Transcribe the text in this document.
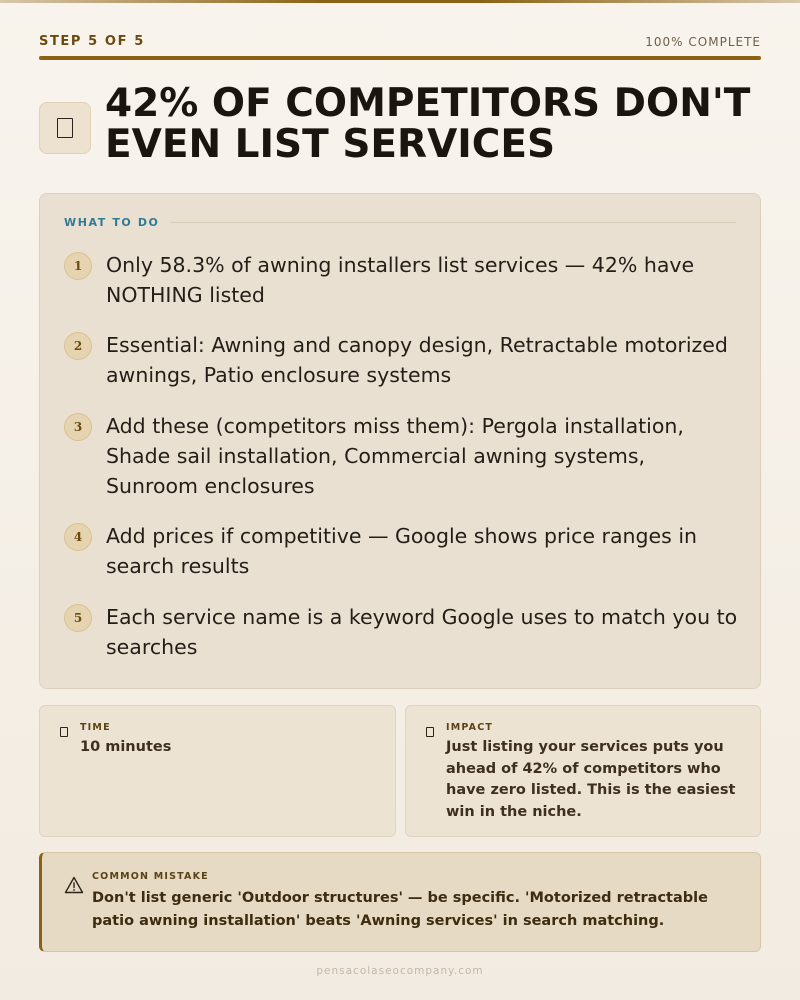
STEP 5 OF 5	100% COMPLETE
42% OF COMPETITORS DON'T EVEN LIST SERVICES
WHAT TO DO
1	Only 58.3% of awning installers list services — 42% have NOTHING listed
2	Essential: Awning and canopy design, Retractable motorized awnings, Patio enclosure systems
3	Add these (competitors miss them): Pergola installation, Shade sail installation, Commercial awning systems, Sunroom enclosures
4	Add prices if competitive — Google shows price ranges in search results
5	Each service name is a keyword Google uses to match you to searches
TIME
10 minutes
IMPACT
Just listing your services puts you ahead of 42% of competitors who have zero listed. This is the easiest win in the niche.
COMMON MISTAKE

Don't list generic 'Outdoor structures' — be specific. 'Motorized retractable patio awning installation' beats 'Awning services' in search matching.

pensacolaseocompany.com
